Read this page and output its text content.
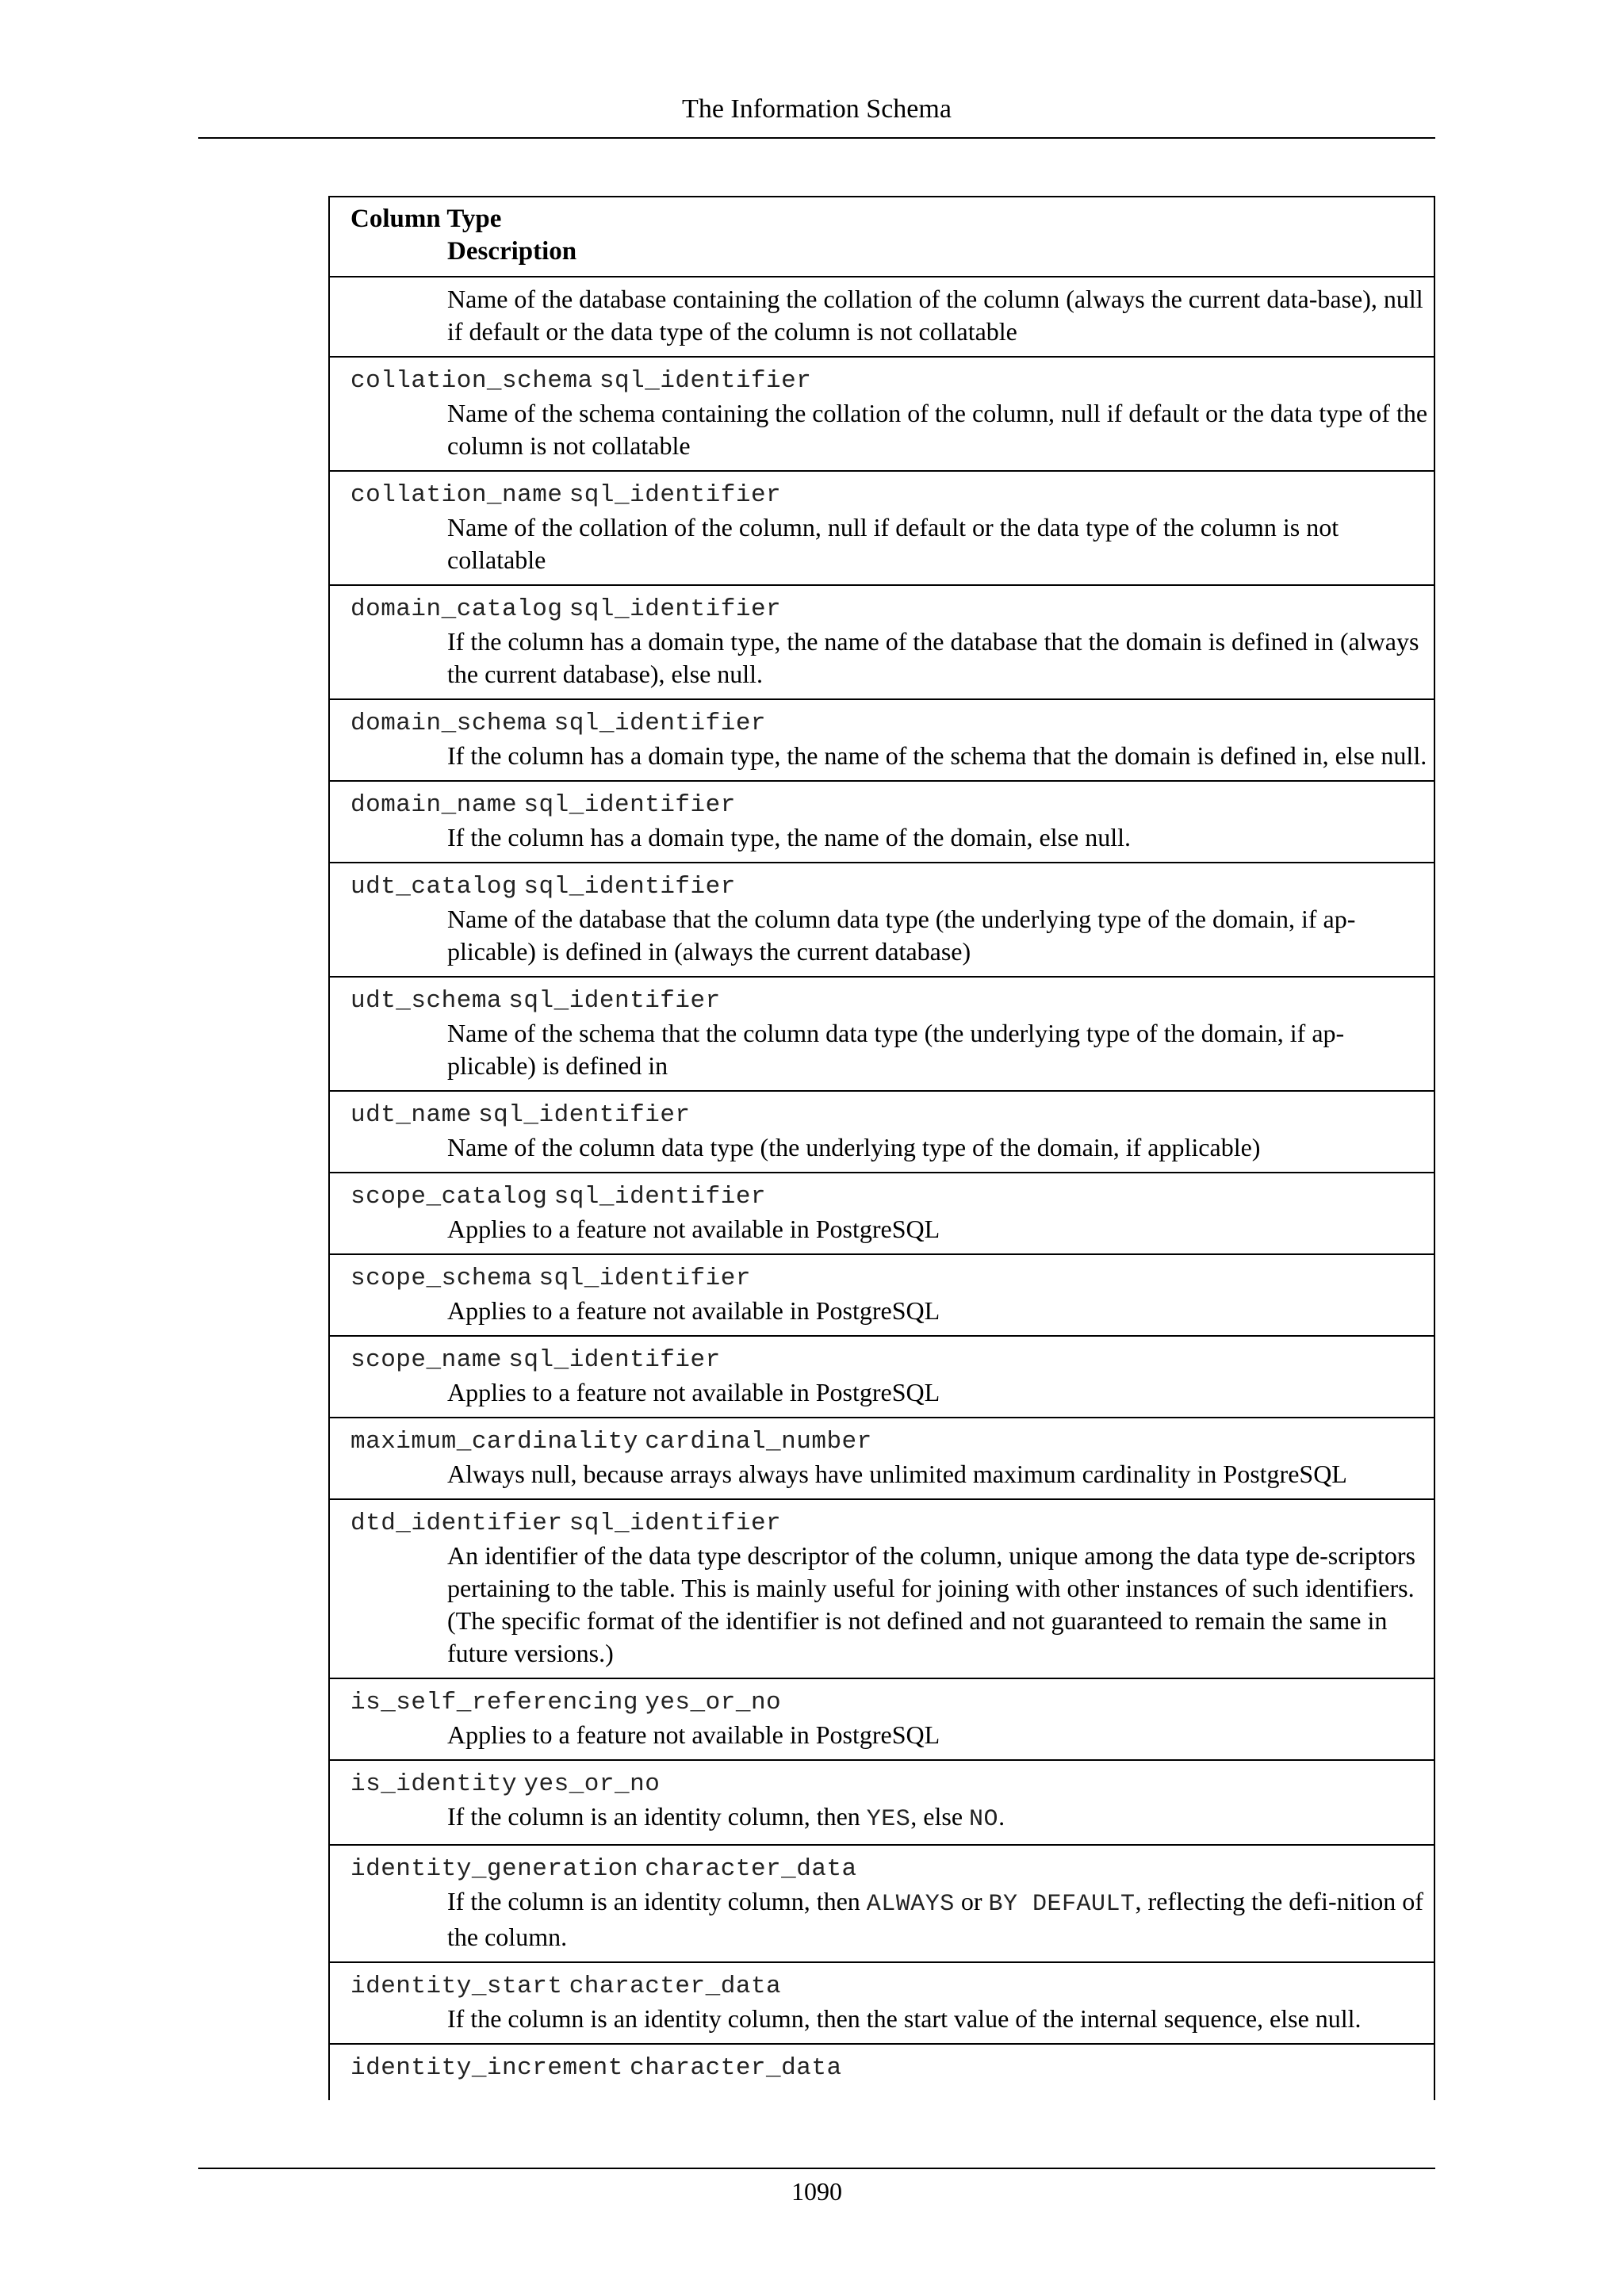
The Information Schema
Column Type
Description
Name of the database containing the collation of the column (always the current data-base), null if default or the data type of the column is not collatable
collation_schema sql_identifier
Name of the schema containing the collation of the column, null if default or the data type of the column is not collatable
collation_name sql_identifier
Name of the collation of the column, null if default or the data type of the column is not collatable
domain_catalog sql_identifier
If the column has a domain type, the name of the database that the domain is defined in (always the current database), else null.
domain_schema sql_identifier
If the column has a domain type, the name of the schema that the domain is defined in, else null.
domain_name sql_identifier
If the column has a domain type, the name of the domain, else null.
udt_catalog sql_identifier
Name of the database that the column data type (the underlying type of the domain, if ap-plicable) is defined in (always the current database)
udt_schema sql_identifier
Name of the schema that the column data type (the underlying type of the domain, if ap-plicable) is defined in
udt_name sql_identifier
Name of the column data type (the underlying type of the domain, if applicable)
scope_catalog sql_identifier
Applies to a feature not available in PostgreSQL
scope_schema sql_identifier
Applies to a feature not available in PostgreSQL
scope_name sql_identifier
Applies to a feature not available in PostgreSQL
maximum_cardinality cardinal_number
Always null, because arrays always have unlimited maximum cardinality in PostgreSQL
dtd_identifier sql_identifier
An identifier of the data type descriptor of the column, unique among the data type de-scriptors pertaining to the table. This is mainly useful for joining with other instances of such identifiers. (The specific format of the identifier is not defined and not guaranteed to remain the same in future versions.)
is_self_referencing yes_or_no
Applies to a feature not available in PostgreSQL
is_identity yes_or_no
If the column is an identity column, then YES, else NO.
identity_generation character_data
If the column is an identity column, then ALWAYS or BY DEFAULT, reflecting the defi-nition of the column.
identity_start character_data
If the column is an identity column, then the start value of the internal sequence, else null.
identity_increment character_data
1090
